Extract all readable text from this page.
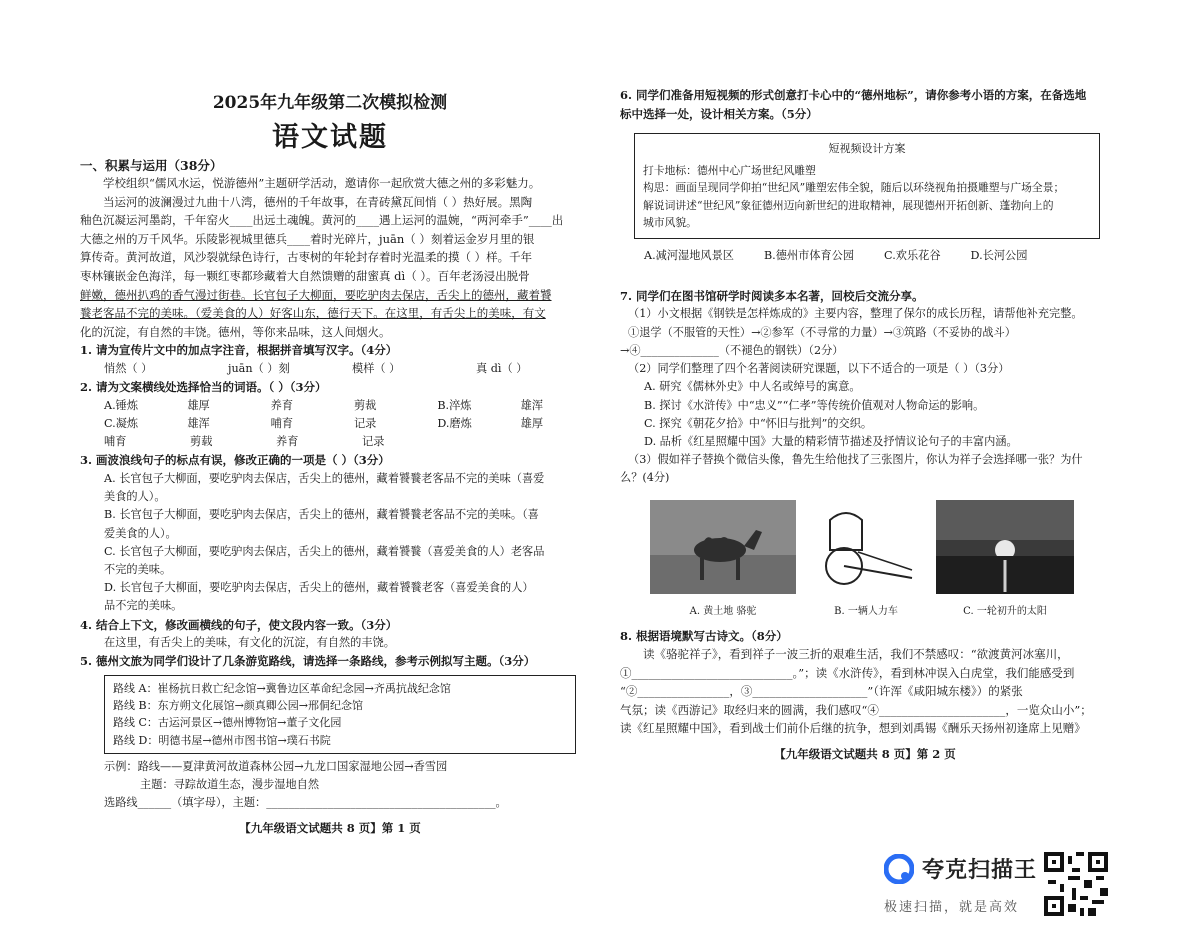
2025年九年级第二次模拟检测
语文试题
一、积累与运用（38分）

学校组织“儒风水运，悦游德州”主题研学活动，邀请你一起欣赏大德之州的多彩魅力。

当运河的波澜漫过九曲十八湾，德州的千年故事，在青砖黛瓦间悄（ ）热好展。黑陶

釉色沉凝运河墨韵，千年窑火____出远土魂魄。黄河的____遇上运河的温婉，“两河牵手”____出

大德之州的万千风华。乐陵影视城里德兵____着时光碎片，juān（ ）刻着运金岁月里的银

算传奇。黄河故道，风沙裂就绿色诗行，古枣树的年轮封存着时光温柔的摸（ ）样。千年

枣林镶嵌金色海洋，每一颗红枣都珍藏着大自然馈赠的甜蜜真 dì（ ）。百年老汤浸出脱骨

鲜嫩，德州扒鸡的香气漫过街巷。长官包子大柳面，要吃驴肉去保店，舌尖上的德州，藏着饕

餮老客品不完的美味。（爱美食的人）好客山东，德行天下。在这里，有舌尖上的美味，有文

化的沉淀，有自然的丰饶。德州，等你来品味，这人间烟火。

1. 请为宣传片文中的加点字注音，根据拼音填写汉字。（4分）
悄然（ ）	juān（ ）刻	模样（ ）	真 dì（ ）
2. 请为文案横线处选择恰当的词语。（ ）（3分）
A.锤炼	雄厚	养育	剪裁	B.淬炼	雄浑
C.凝炼	雄浑	哺育	记录	D.磨炼	雄厚
哺育	剪载	养育	记录
3. 画波浪线句子的标点有误，修改正确的一项是（ ）（3分）
A. 长官包子大柳面，要吃驴肉去保店，舌尖上的德州，藏着饕餮老客品不完的美味（喜爱
美食的人）。
B. 长官包子大柳面，要吃驴肉去保店，舌尖上的德州，藏着饕餮老客品不完的美味。（喜
爱美食的人）。
C. 长官包子大柳面，要吃驴肉去保店，舌尖上的德州，藏着饕餮（喜爱美食的人）老客品
不完的美味。
D. 长官包子大柳面，要吃驴肉去保店，舌尖上的德州，藏着饕餮老客（喜爱美食的人）
品不完的美味。
4. 结合上下文，修改画横线的句子，使文段内容一致。（3分）
在这里，有舌尖上的美味，有文化的沉淀，有自然的丰饶。
5. 德州文旅为同学们设计了几条游览路线，请选择一条路线，参考示例拟写主题。（3分）
路线 A：崔杨抗日救亡纪念馆→冀鲁边区革命纪念园→齐禹抗战纪念馆
路线 B：东方朔文化展馆→颜真卿公园→邢侗纪念馆
路线 C：古运河景区→德州博物馆→董子文化园
路线 D：明德书屋→德州市图书馆→璞石书院
示例：路线——夏津黄河故道森林公园→九龙口国家湿地公园→香雪园
主题：寻踪故道生态，漫步湿地自然
选路线______（填字母），主题：_________________________________________。
【九年级语文试题共 8 页】第 1 页
6. 同学们准备用短视频的形式创意打卡心中的“德州地标”，请你参考小语的方案，在备选地
标中选择一处，设计相关方案。（5分）
短视频设计方案
打卡地标：德州中心广场世纪风雕塑
构思：画面呈现同学仰拍“世纪风”雕塑宏伟全貌，随后以环绕视角拍摄雕塑与广场全景；
解说词讲述“世纪风”象征德州迈向新世纪的进取精神，展现德州开拓创新、蓬勃向上的
城市风貌。
A.减河湿地风景区	B.德州市体育公园	C.欢乐花谷	D.长河公园
7. 同学们在图书馆研学时阅读多本名著，回校后交流分享。
（1）小文根据《钢铁是怎样炼成的》主要内容，整理了保尔的成长历程，请帮他补充完整。
①退学（不服管的天性）→②参军（不寻常的力量）→③筑路（不妥协的战斗）
→④______________（不褪色的钢铁）（2分）
（2）同学们整理了四个名著阅读研究课题，以下不适合的一项是（ ）（3分）
A. 研究《儒林外史》中人名或绰号的寓意。
B. 探讨《水浒传》中“忠义”“仁孝”等传统价值观对人物命运的影响。
C. 探究《朝花夕拾》中“怀旧与批判”的交织。
D. 品析《红星照耀中国》大量的精彩情节描述及抒情议论句子的丰富内涵。
（3）假如祥子替换个微信头像，鲁先生给他找了三张图片，你认为祥子会选择哪一张？为什
么？(4分)
A. 黄土地 骆驼	B. 一辆人力车	C. 一轮初升的太阳
8. 根据语境默写古诗文。（8分）

读《骆驼祥子》，看到祥子一波三折的艰难生活，我们不禁感叹：“欲渡黄河冰塞川，

①____________________________。”；读《水浒传》，看到林冲误入白虎堂，我们能感受到

“②________________，③____________________”（许浑《咸阳城东楼》）的紧张

气氛；读《西游记》取经归来的圆满，我们感叹“④______________________，一览众山小”；

读《红星照耀中国》，看到战士们前仆后继的抗争，想到刘禹锡《酬乐天扬州初逢席上见赠》

【九年级语文试题共 8 页】第 2 页
夸克扫描王
极速扫描，就是高效
